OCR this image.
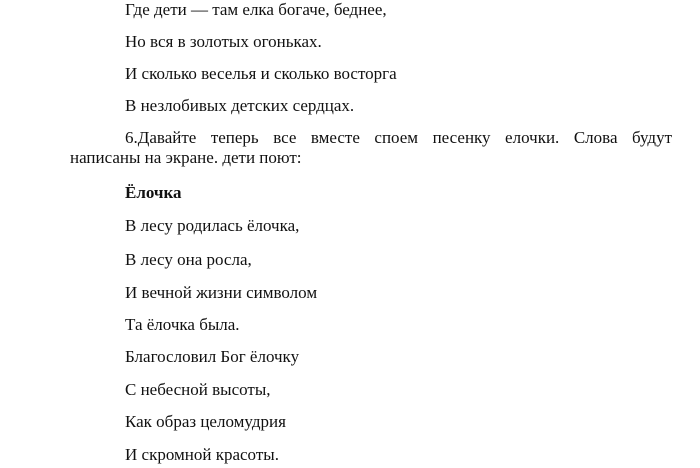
Где дети — там елка богаче, беднее,
Но вся в золотых огоньках.
И сколько веселья и сколько восторга
В незлобивых детских сердцах.
6.Давайте теперь все вместе споем песенку елочки. Слова будут
написаны на экране. дети поют:
Ёлочка
В лесу родилась ёлочка,
В лесу она росла,
И вечной жизни символом
Та ёлочка была.
Благословил Бог ёлочку
С небесной высоты,
Как образ целомудрия
И скромной красоты.
